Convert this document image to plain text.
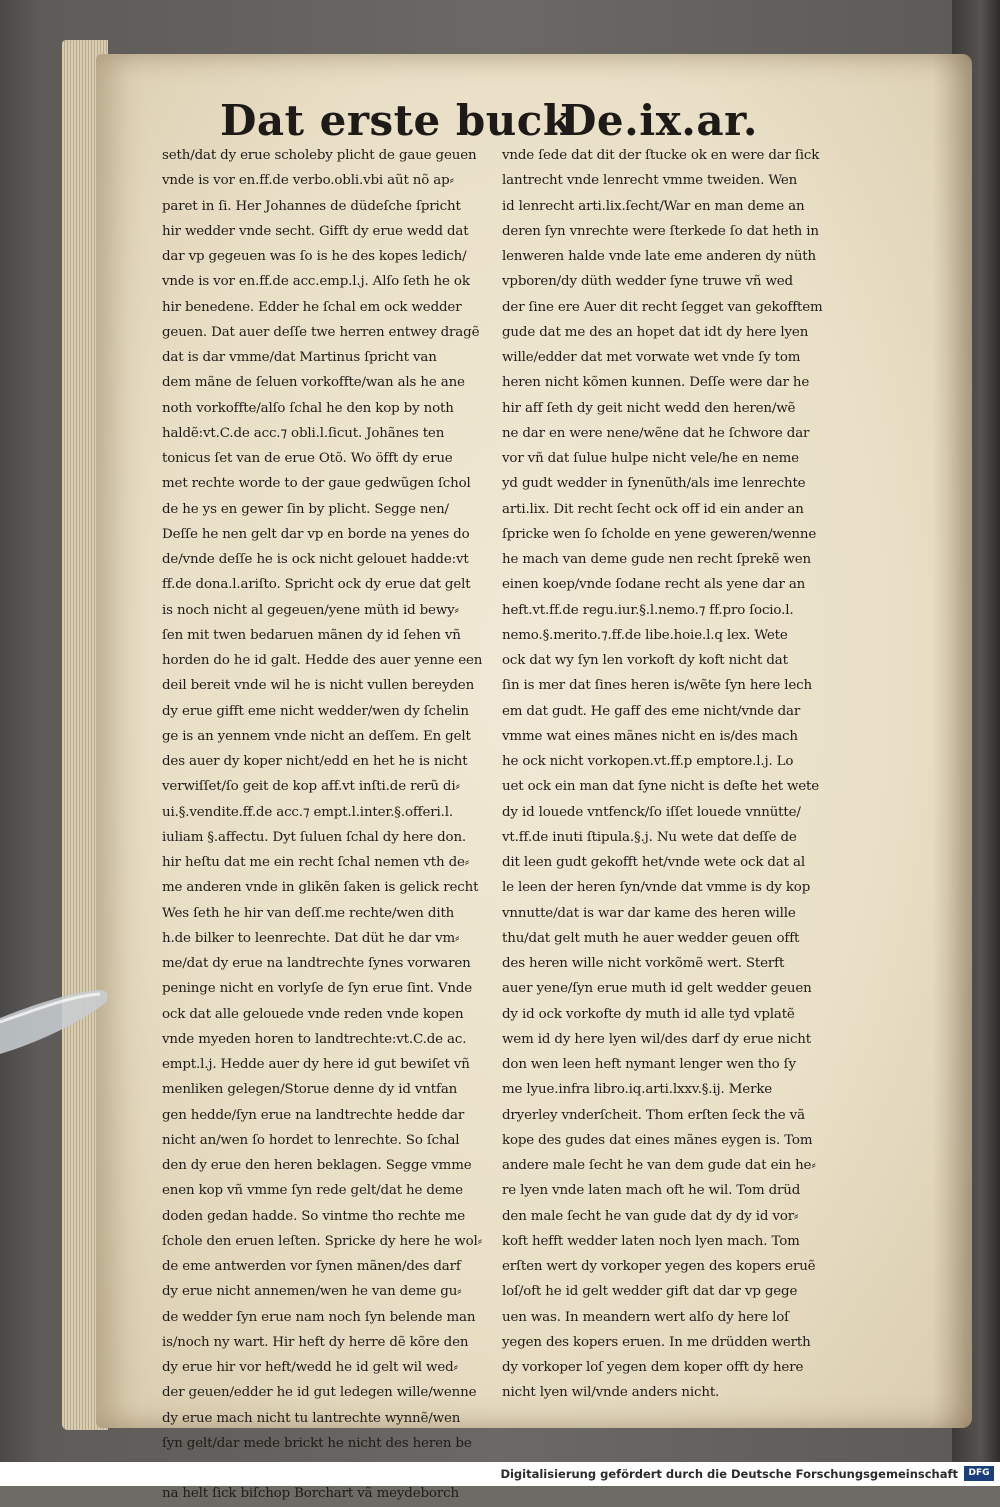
Dat erste buck
De.ix.ar.
seth/dat dy erue scholeby plicht de gaue geuen
vnde is vor en.ff.de verbo.obli.vbi aũt nõ ap⸗
paret in ſi. Her Johannes de düdeſche ſpricht
hir wedder vnde secht. Gifft dy erue wedd dat
dar vp gegeuen was ſo is he des kopes ledich/
vnde is vor en.ff.de acc.emp.l.j. Alſo ſeth he ok
hir benedene. Edder he ſchal em ock wedder
geuen. Dat auer deſſe twe herren entwey dragẽ
dat is dar vmme/dat Martinus ſpricht van
dem mãne de ſeluen vorkoffte/wan als he ane
noth vorkoffte/alſo ſchal he den kop by noth
haldẽ:vt.C.de acc.⁊ obli.l.ſicut. Johãnes ten
tonicus ſet van de erue Otõ. Wo öfft dy erue
met rechte worde to der gaue gedwũgen ſchol
de he ys en gewer ſin by plicht. Segge nen/
Deſſe he nen gelt dar vp en borde na yenes do
de/vnde deſſe he is ock nicht gelouet hadde:vt
ff.de dona.l.ariſto. Spricht ock dy erue dat gelt
is noch nicht al gegeuen/yene müth id bewy⸗
ſen mit twen bedaruen mãnen dy id ſehen vñ
horden do he id galt. Hedde des auer yenne een
deil bereit vnde wil he is nicht vullen bereyden
dy erue gifft eme nicht wedder/wen dy ſchelin
ge is an yennem vnde nicht an deſſem. En gelt
des auer dy koper nicht/edd en het he is nicht
verwiſſet/ſo geit de kop aff.vt inſti.de rerũ di⸗
ui.§.vendite.ff.de acc.⁊ empt.l.inter.§.offeri.l.
iuliam §.affectu. Dyt ſuluen ſchal dy here don.
hir heſtu dat me ein recht ſchal nemen vth de⸗
me anderen vnde in glikẽn ſaken is gelick recht
Wes ſeth he hir van deſſ.me rechte/wen dith
h.de bilker to leenrechte. Dat düt he dar vm⸗
me/dat dy erue na landtrechte ſynes vorwaren
peninge nicht en vorlyſe de ſyn erue ſint. Vnde
ock dat alle gelouede vnde reden vnde kopen
vnde myeden horen to landtrechte:vt.C.de ac.
empt.l.j. Hedde auer dy here id gut bewiſet vñ
menliken gelegen/Storue denne dy id vntfan
gen hedde/ſyn erue na landtrechte hedde dar
nicht an/wen ſo hordet to lenrechte. So ſchal
den dy erue den heren beklagen. Segge vmme
enen kop vñ vmme ſyn rede gelt/dat he deme
doden gedan hadde. So vintme tho rechte me
ſchole den eruen leſten. Spricke dy here he wol⸗
de eme antwerden vor ſynen mãnen/des darf
dy erue nicht annemen/wen he van deme gu⸗
de wedder ſyn erue nam noch ſyn belende man
is/noch ny wart. Hir heft dy herre dẽ kõre den
dy erue hir vor heft/wedd he id gelt wil wed⸗
der geuen/edder he id gut ledegen wille/wenne
dy erue mach nicht tu lantrechte wynnẽ/wen
ſyn gelt/dar mede brickt he nicht des heren be
na helt ſick biſchop Borchart vã meydeborch
vnde ſede dat dit der ſtucke ok en were dar ſick
lantrecht vnde lenrecht vmme tweiden. Wen
id lenrecht arti.lix.ſecht/War en man deme an
deren ſyn vnrechte were ſterkede ſo dat heth in
lenweren halde vnde late eme anderen dy nüth
vpboren/dy düth wedder ſyne truwe vñ wed
der ſine ere Auer dit recht ſegget van gekofftem
gude dat me des an hopet dat idt dy here lyen
wille/edder dat met vorwate wet vnde ſy tom
heren nicht kõmen kunnen. Deſſe were dar he
hir aff ſeth dy geit nicht wedd den heren/wẽ
ne dar en were nene/wẽne dat he ſchwore dar
vor vñ dat ſulue hulpe nicht vele/he en neme
yd gudt wedder in ſynenũth/als ime lenrechte
arti.lix. Dit recht ſecht ock off id ein ander an
ſpricke wen ſo ſcholde en yene geweren/wenne
he mach van deme gude nen recht ſprekẽ wen
einen koep/vnde ſodane recht als yene dar an
heft.vt.ff.de regu.iur.§.l.nemo.⁊ ff.pro ſocio.l.
nemo.§.merito.⁊.ff.de libe.hoie.l.q lex. Wete
ock dat wy ſyn len vorkoft dy koft nicht dat
ſin is mer dat ſines heren is/wẽte ſyn here lech
em dat gudt. He gaff des eme nicht/vnde dar
vmme wat eines mãnes nicht en is/des mach
he ock nicht vorkopen.vt.ff.p emptore.l.j. Lo
uet ock ein man dat ſyne nicht is deſte het wete
dy id louede vntfenck/ſo iſſet louede vnnütte/
vt.ff.de inuti ſtipula.§.j. Nu wete dat deſſe de
dit leen gudt gekofft het/vnde wete ock dat al
le leen der heren ſyn/vnde dat vmme is dy kop
vnnutte/dat is war dar kame des heren wille
thu/dat gelt muth he auer wedder geuen offt
des heren wille nicht vorkõmẽ wert. Sterft
auer yene/ſyn erue muth id gelt wedder geuen
dy id ock vorkofte dy muth id alle tyd vplatẽ
wem id dy here lyen wil/des darf dy erue nicht
don wen leen heft nymant lenger wen tho ſy
me lyue.infra libro.iq.arti.lxxv.§.ij. Merke
dryerley vnderſcheit. Thom erſten ſeck the vã
kope des gudes dat eines mãnes eygen is. Tom
andere male ſecht he van dem gude dat ein he⸗
re lyen vnde laten mach oft he wil. Tom drüd
den male ſecht he van gude dat dy dy id vor⸗
koft hefft wedder laten noch lyen mach. Tom
erſten wert dy vorkoper yegen des kopers eruẽ
loſ/oft he id gelt wedder gift dat dar vp gege
uen was. In meandern wert alſo dy here loſ
yegen des kopers eruen. In me drüdden werth
dy vorkoper loſ yegen dem koper offt dy here
nicht lyen wil/vnde anders nicht.
Digitalisierung gefördert durch die Deutsche Forschungsgemeinschaft	DFG
